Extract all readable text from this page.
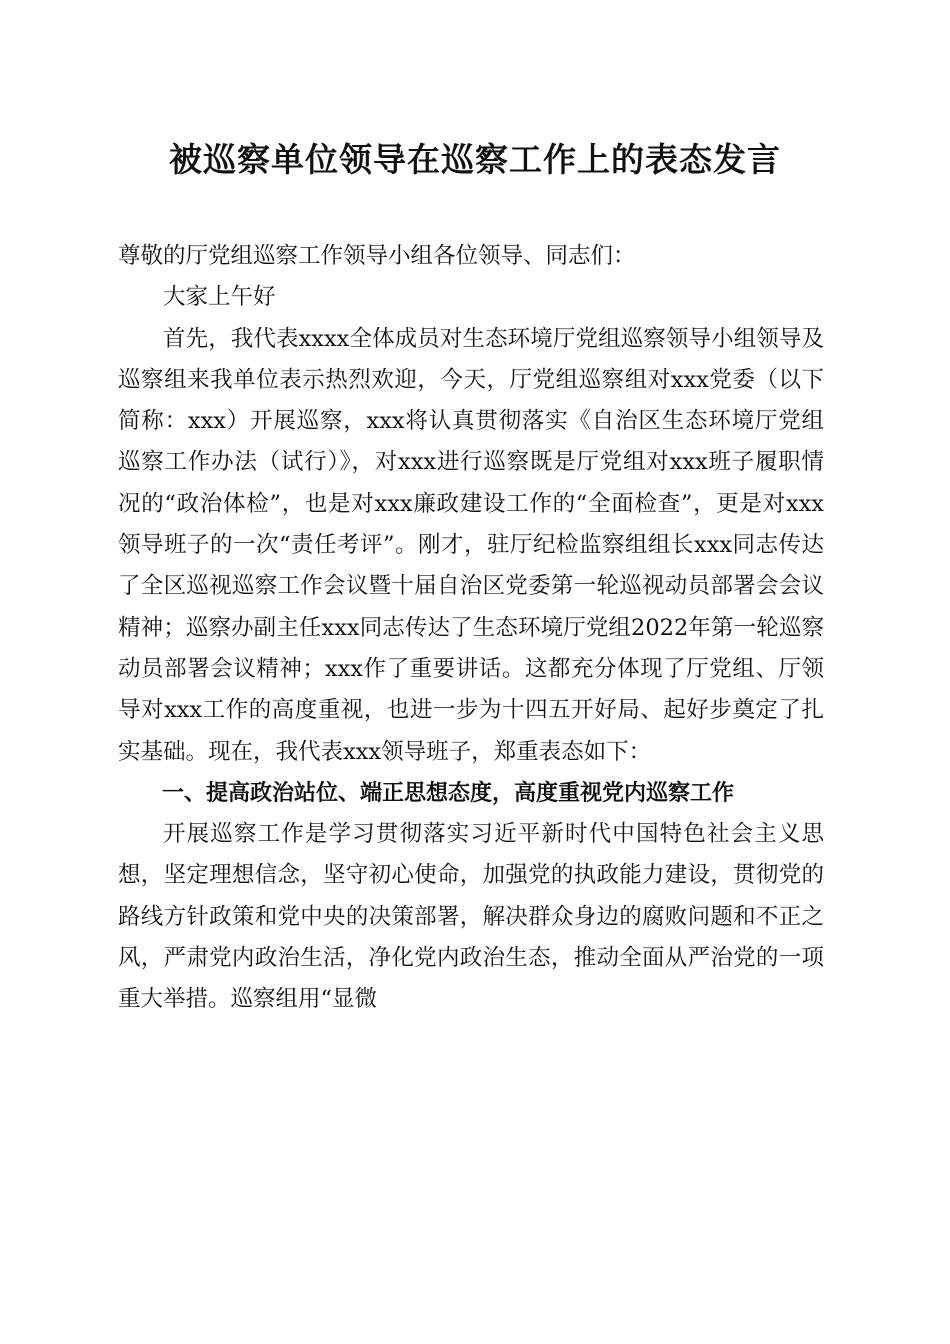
被巡察单位领导在巡察工作上的表态发言

尊敬的厅党组巡察工作领导小组各位领导、同志们：

大家上午好

首先，我代表xxxx全体成员对生态环境厅党组巡察领导小组领导及巡察组来我单位表示热烈欢迎，今天，厅党组巡察组对xxx党委（以下简称：xxx）开展巡察，xxx将认真贯彻落实《自治区生态环境厅党组巡察工作办法（试行）》，对xxx进行巡察既是厅党组对xxx班子履职情况的“政治体检”，也是对xxx廉政建设工作的“全面检查”，更是对xxx领导班子的一次“责任考评”。刚才，驻厅纪检监察组组长xxx同志传达了全区巡视巡察工作会议暨十届自治区党委第一轮巡视动员部署会会议精神；巡察办副主任xxx同志传达了生态环境厅党组2022年第一轮巡察动员部署会议精神；xxx作了重要讲话。这都充分体现了厅党组、厅领导对xxx工作的高度重视，也进一步为十四五开好局、起好步奠定了扎实基础。现在，我代表xxx领导班子，郑重表态如下：

一、提高政治站位、端正思想态度，高度重视党内巡察工作

开展巡察工作是学习贯彻落实习近平新时代中国特色社会主义思想，坚定理想信念，坚守初心使命，加强党的执政能力建设，贯彻党的路线方针政策和党中央的决策部署，解决群众身边的腐败问题和不正之风，严肃党内政治生活，净化党内政治生态，推动全面从严治党的一项重大举措。巡察组用“显微
